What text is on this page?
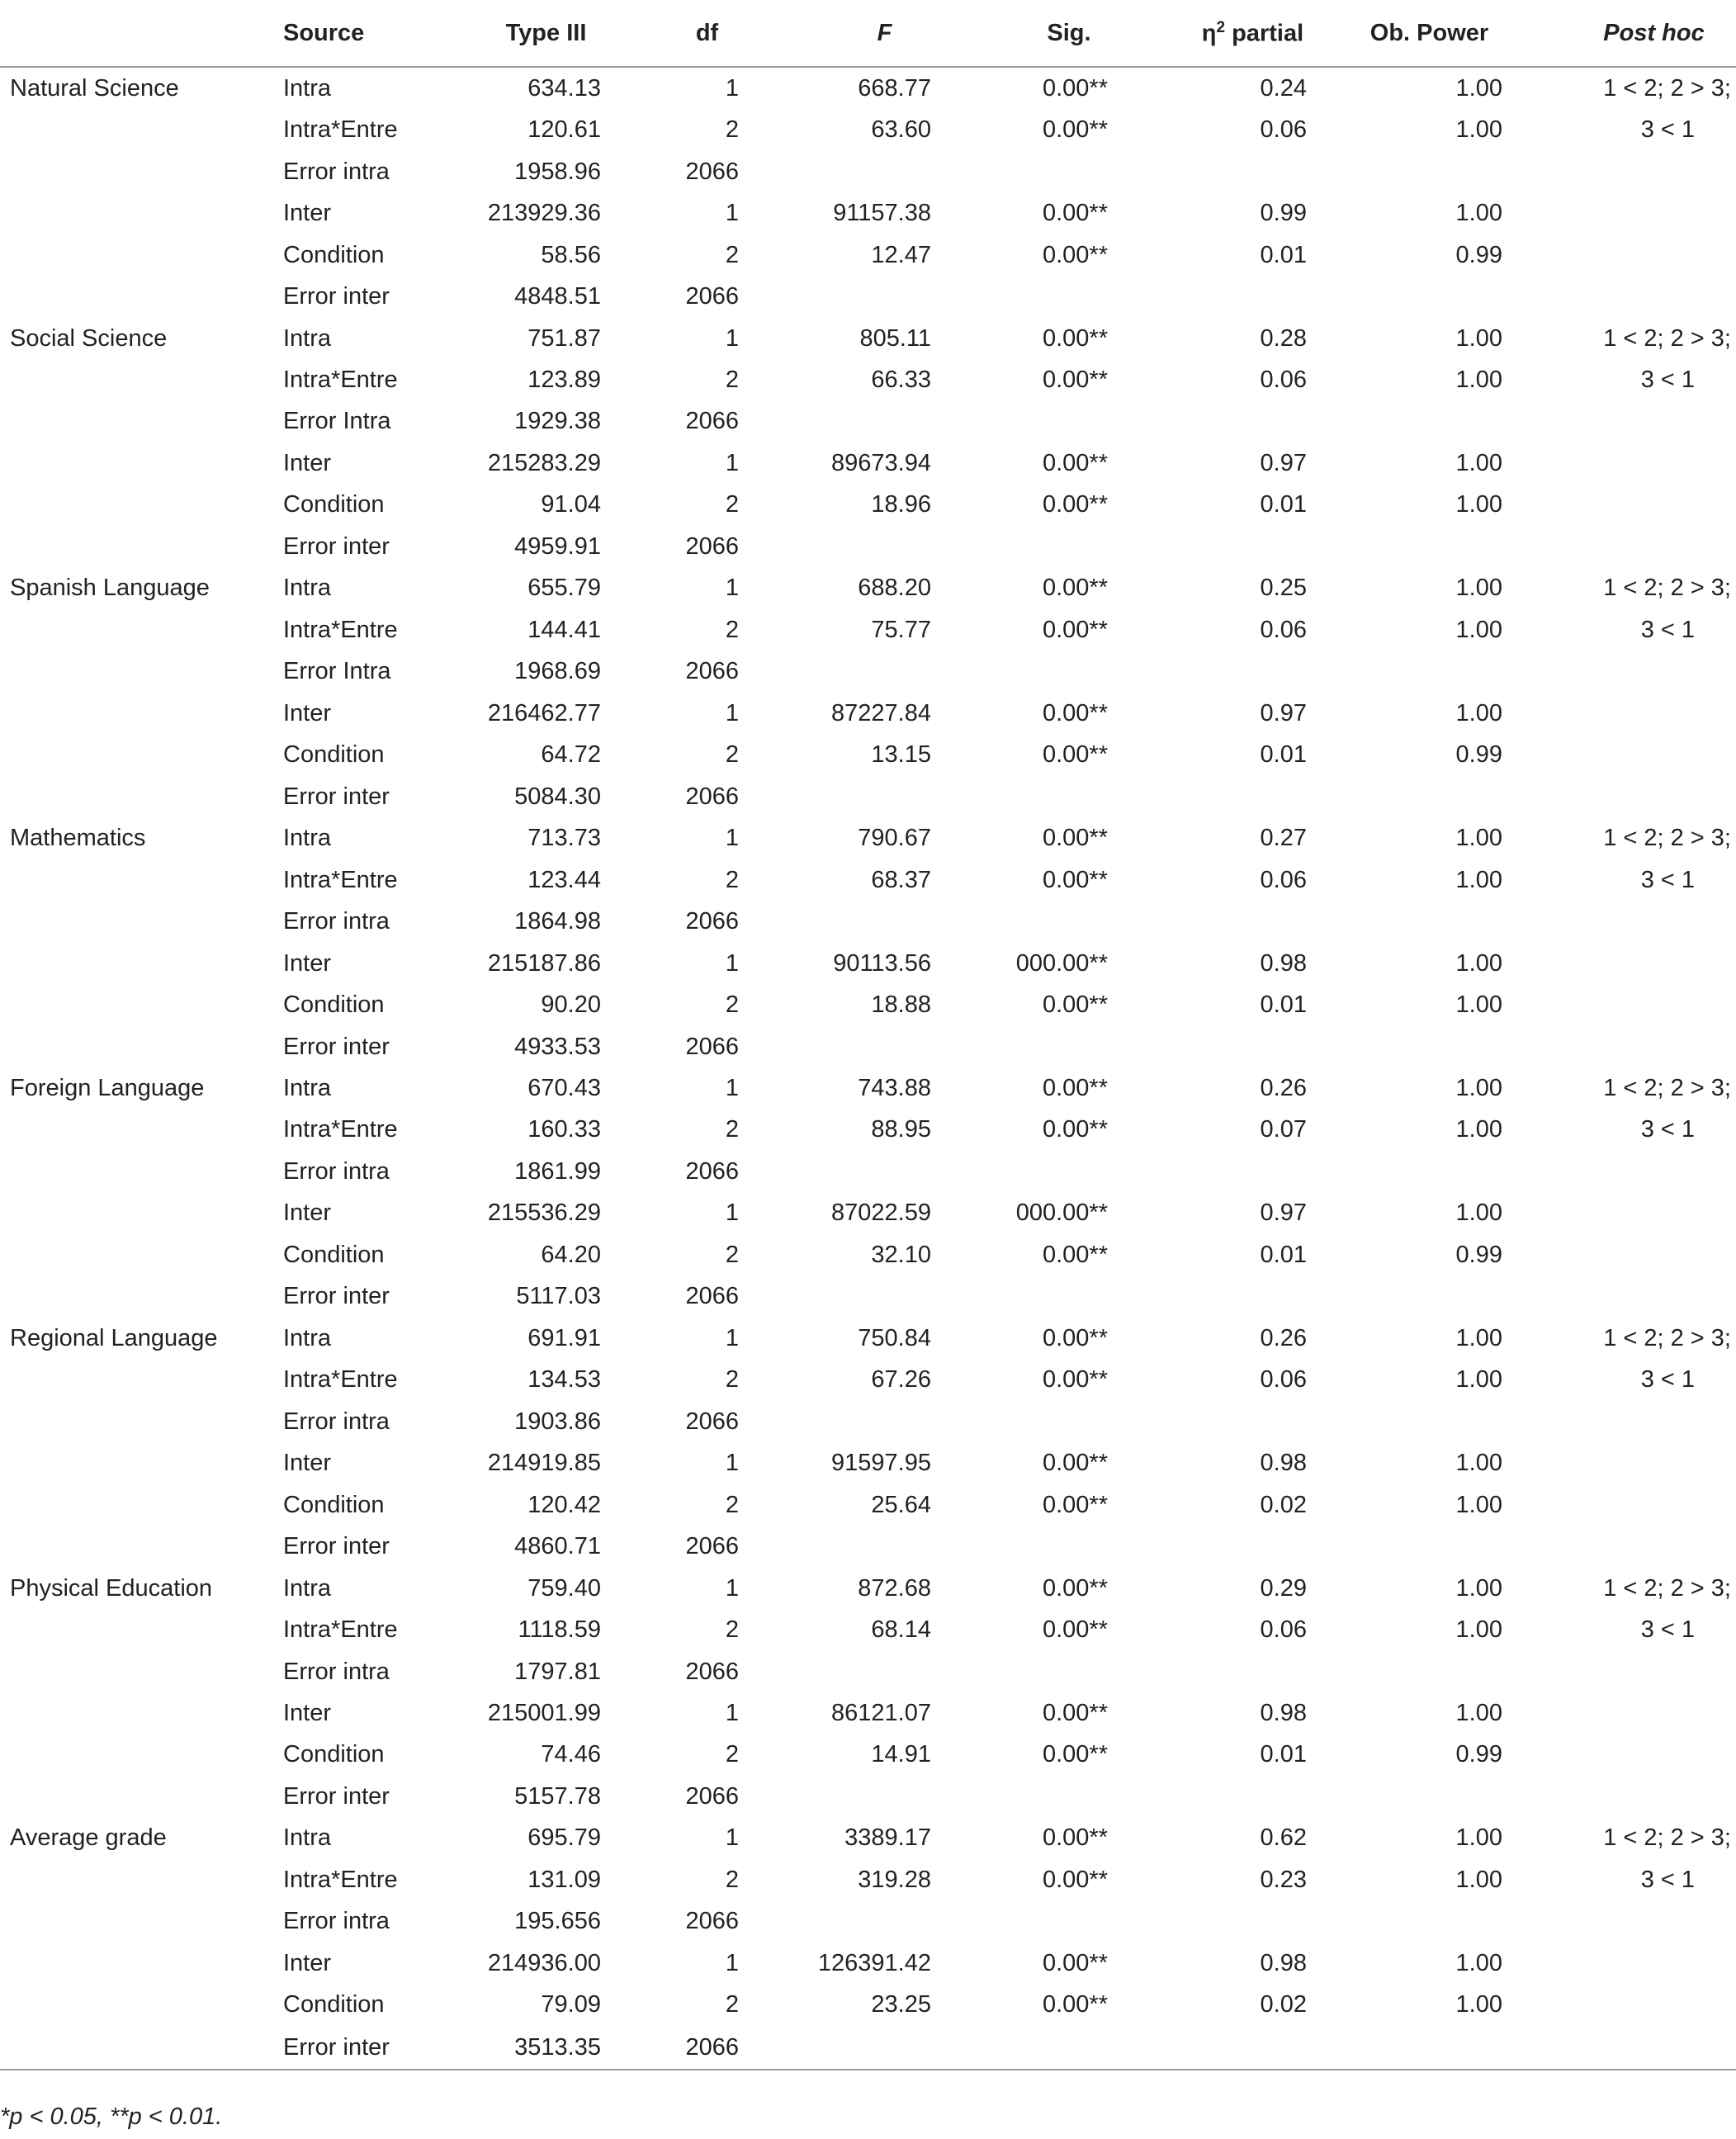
	Source	Type III	df	F	Sig.	$\eta^2$ partial	Ob. Power	Post hoc
Natural Science	Intra	634.13	1	668.77	0.00**	0.24	1.00	1 < 2; 2 > 3;
	Intra*Entre	120.61	2	63.60	0.00**	0.06	1.00	3 < 1
	Error intra	1958.96	2066					
	Inter	213929.36	1	91157.38	0.00**	0.99	1.00	
	Condition	58.56	2	12.47	0.00**	0.01	0.99	
	Error inter	4848.51	2066					
Social Science	Intra	751.87	1	805.11	0.00**	0.28	1.00	1 < 2; 2 > 3;
	Intra*Entre	123.89	2	66.33	0.00**	0.06	1.00	3 < 1
	Error Intra	1929.38	2066					
	Inter	215283.29	1	89673.94	0.00**	0.97	1.00	
	Condition	91.04	2	18.96	0.00**	0.01	1.00	
	Error inter	4959.91	2066					
Spanish Language	Intra	655.79	1	688.20	0.00**	0.25	1.00	1 < 2; 2 > 3;
	Intra*Entre	144.41	2	75.77	0.00**	0.06	1.00	3 < 1
	Error Intra	1968.69	2066					
	Inter	216462.77	1	87227.84	0.00**	0.97	1.00	
	Condition	64.72	2	13.15	0.00**	0.01	0.99	
	Error inter	5084.30	2066					
Mathematics	Intra	713.73	1	790.67	0.00**	0.27	1.00	1 < 2; 2 > 3;
	Intra*Entre	123.44	2	68.37	0.00**	0.06	1.00	3 < 1
	Error intra	1864.98	2066					
	Inter	215187.86	1	90113.56	000.00**	0.98	1.00	
	Condition	90.20	2	18.88	0.00**	0.01	1.00	
	Error inter	4933.53	2066					
Foreign Language	Intra	670.43	1	743.88	0.00**	0.26	1.00	1 < 2; 2 > 3;
	Intra*Entre	160.33	2	88.95	0.00**	0.07	1.00	3 < 1
	Error intra	1861.99	2066					
	Inter	215536.29	1	87022.59	000.00**	0.97	1.00	
	Condition	64.20	2	32.10	0.00**	0.01	0.99	
	Error inter	5117.03	2066					
Regional Language	Intra	691.91	1	750.84	0.00**	0.26	1.00	1 < 2; 2 > 3;
	Intra*Entre	134.53	2	67.26	0.00**	0.06	1.00	3 < 1
	Error intra	1903.86	2066					
	Inter	214919.85	1	91597.95	0.00**	0.98	1.00	
	Condition	120.42	2	25.64	0.00**	0.02	1.00	
	Error inter	4860.71	2066					
Physical Education	Intra	759.40	1	872.68	0.00**	0.29	1.00	1 < 2; 2 > 3;
	Intra*Entre	1118.59	2	68.14	0.00**	0.06	1.00	3 < 1
	Error intra	1797.81	2066					
	Inter	215001.99	1	86121.07	0.00**	0.98	1.00	
	Condition	74.46	2	14.91	0.00**	0.01	0.99	
	Error inter	5157.78	2066					
Average grade	Intra	695.79	1	3389.17	0.00**	0.62	1.00	1 < 2; 2 > 3;
	Intra*Entre	131.09	2	319.28	0.00**	0.23	1.00	3 < 1
	Error intra	195.656	2066					
	Inter	214936.00	1	126391.42	0.00**	0.98	1.00	
	Condition	79.09	2	23.25	0.00**	0.02	1.00	
	Error inter	3513.35	2066					
*p < 0.05, **p < 0.01.
